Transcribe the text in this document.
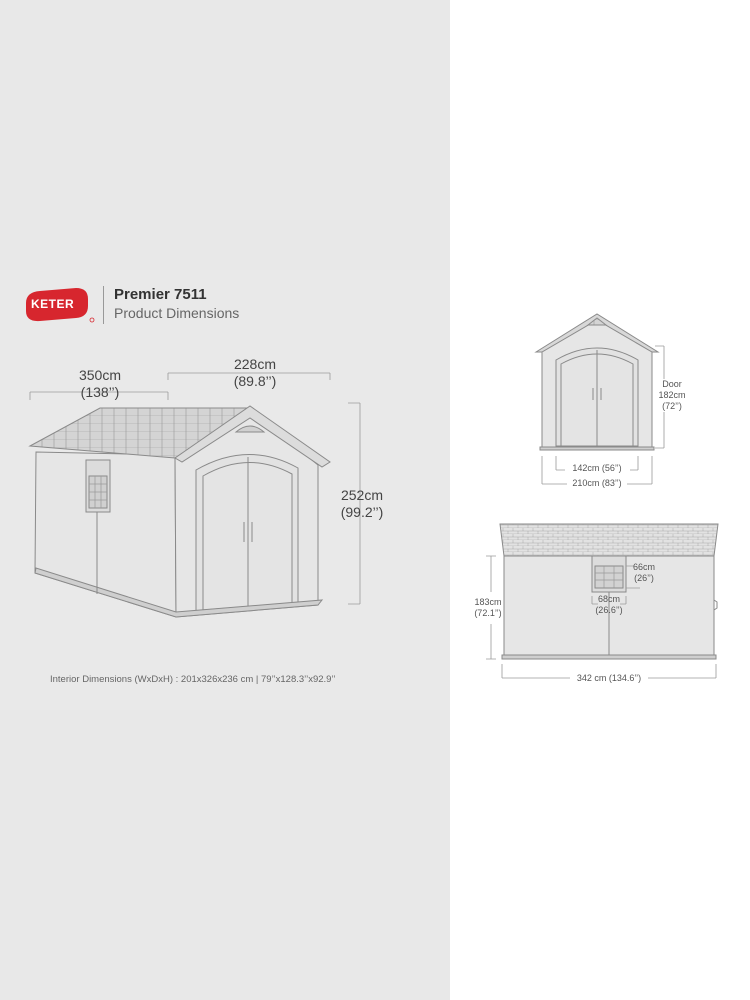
KETER
Premier 7511
Product Dimensions
350cm
(138’’)
228cm
(89.8’’)
252cm
(99.2’’)
Interior Dimensions (WxDxH) : 201x326x236 cm | 79’’x128.3’’x92.9’’
Door
182cm
(72’’)
142cm (56’’)
210cm (83’’)
66cm
(26’’)
68cm
(26.6’’)
183cm
(72.1’’)
342 cm (134.6’’)
